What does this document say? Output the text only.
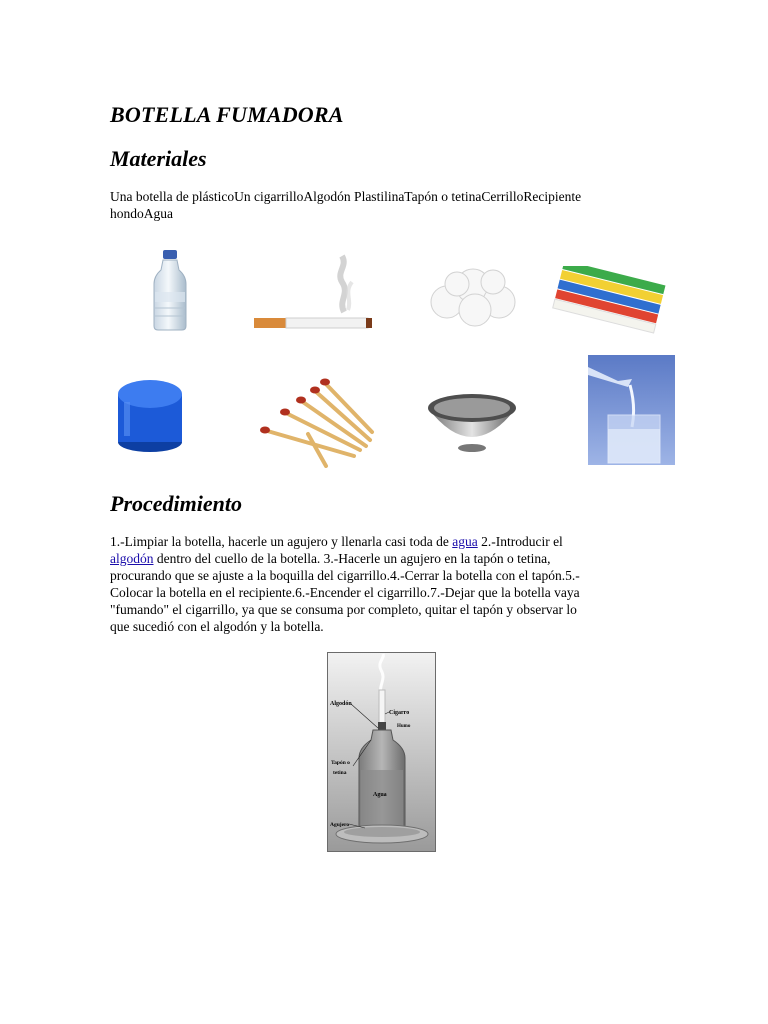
BOTELLA FUMADORA
Materiales

Una botella de plásticoUn cigarrilloAlgodón PlastilinaTapón o tetinaCerrilloRecipiente
hondoAgua

Procedimiento

1.-Limpiar la botella, hacerle un agujero y llenarla casi toda de agua 2.-Introducir el
algodón dentro del cuello de la botella. 3.-Hacerle un agujero en la tapón o tetina,
procurando que se ajuste a la boquilla del cigarrillo.4.-Cerrar la botella con el tapón.5.-
Colocar la botella en el recipiente.6.-Encender el cigarrillo.7.-Dejar que la botella vaya
"fumando" el cigarrillo, ya que se consuma por completo, quitar el tapón y observar lo
que sucedió con el algodón y la botella.

Algodón
Cigarro
Humo
Tapón o
tetina
Agua
Agujero
